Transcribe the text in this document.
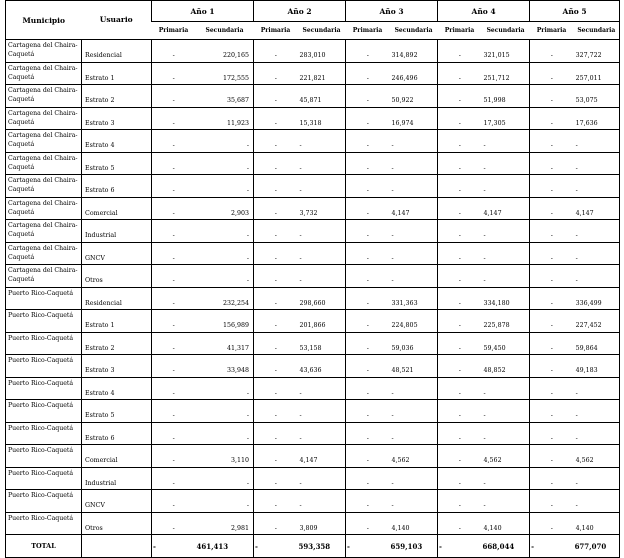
Municipio	Usuario	Año 1		Año 2		Año 3		Año 4		Año 5	
		Primaria	Secundaria	Primaria	Secundaria	Primaria	Secundaria	Primaria	Secundaria	Primaria	Secundaria
Cartagena del Chaira-Caquetá	Residencial	-	220,165	-	283,010	-	314,892	-	321,015	-	327,722
Cartagena del Chaira-Caquetá	Estrato 1	-	172,555	-	221,821	-	246,496	-	251,712	-	257,011
Cartagena del Chaira-Caquetá	Estrato 2	-	35,687	-	45,871	-	50,922	-	51,998	-	53,075
Cartagena del Chaira-Caquetá	Estrato 3	-	11,923	-	15,318	-	16,974	-	17,305	-	17,636
Cartagena del Chaira-Caquetá	Estrato 4	-	-	-	-	-	-	-	-	-	-
Cartagena del Chaira-Caquetá	Estrato 5	-	-	-	-	-	-	-	-	-	-
Cartagena del Chaira-Caquetá	Estrato 6	-	-	-	-	-	-	-	-	-	-
Cartagena del Chaira-Caquetá	Comercial	-	2,903	-	3,732	-	4,147	-	4,147	-	4,147
Cartagena del Chaira-Caquetá	Industrial	-	-	-	-	-	-	-	-	-	-
Cartagena del Chaira-Caquetá	GNCV	-	-	-	-	-	-	-	-	-	-
Cartagena del Chaira-Caquetá	Otros	-	-	-	-	-	-	-	-	-	-
Puerto Rico-Caquetá	Residencial	-	232,254	-	298,660	-	331,363	-	334,180	-	336,499
Puerto Rico-Caquetá	Estrato 1	-	156,989	-	201,866	-	224,805	-	225,878	-	227,452
Puerto Rico-Caquetá	Estrato 2	-	41,317	-	53,158	-	59,036	-	59,450	-	59,864
Puerto Rico-Caquetá	Estrato 3	-	33,948	-	43,636	-	48,521	-	48,852	-	49,183
Puerto Rico-Caquetá	Estrato 4	-	-	-	-	-	-	-	-	-	-
Puerto Rico-Caquetá	Estrato 5	-	-	-	-	-	-	-	-	-	-
Puerto Rico-Caquetá	Estrato 6	-	-	-	-	-	-	-	-	-	-
Puerto Rico-Caquetá	Comercial	-	3,110	-	4,147	-	4,562	-	4,562	-	4,562
Puerto Rico-Caquetá	Industrial	-	-	-	-	-	-	-	-	-	-
Puerto Rico-Caquetá	GNCV	-	-	-	-	-	-	-	-	-	-
Puerto Rico-Caquetá	Otros	-	2,981	-	3,809	-	4,140	-	4,140	-	4,140
TOTAL		-	461,413	-	593,358	-	659,103	-	668,044	-	677,070
